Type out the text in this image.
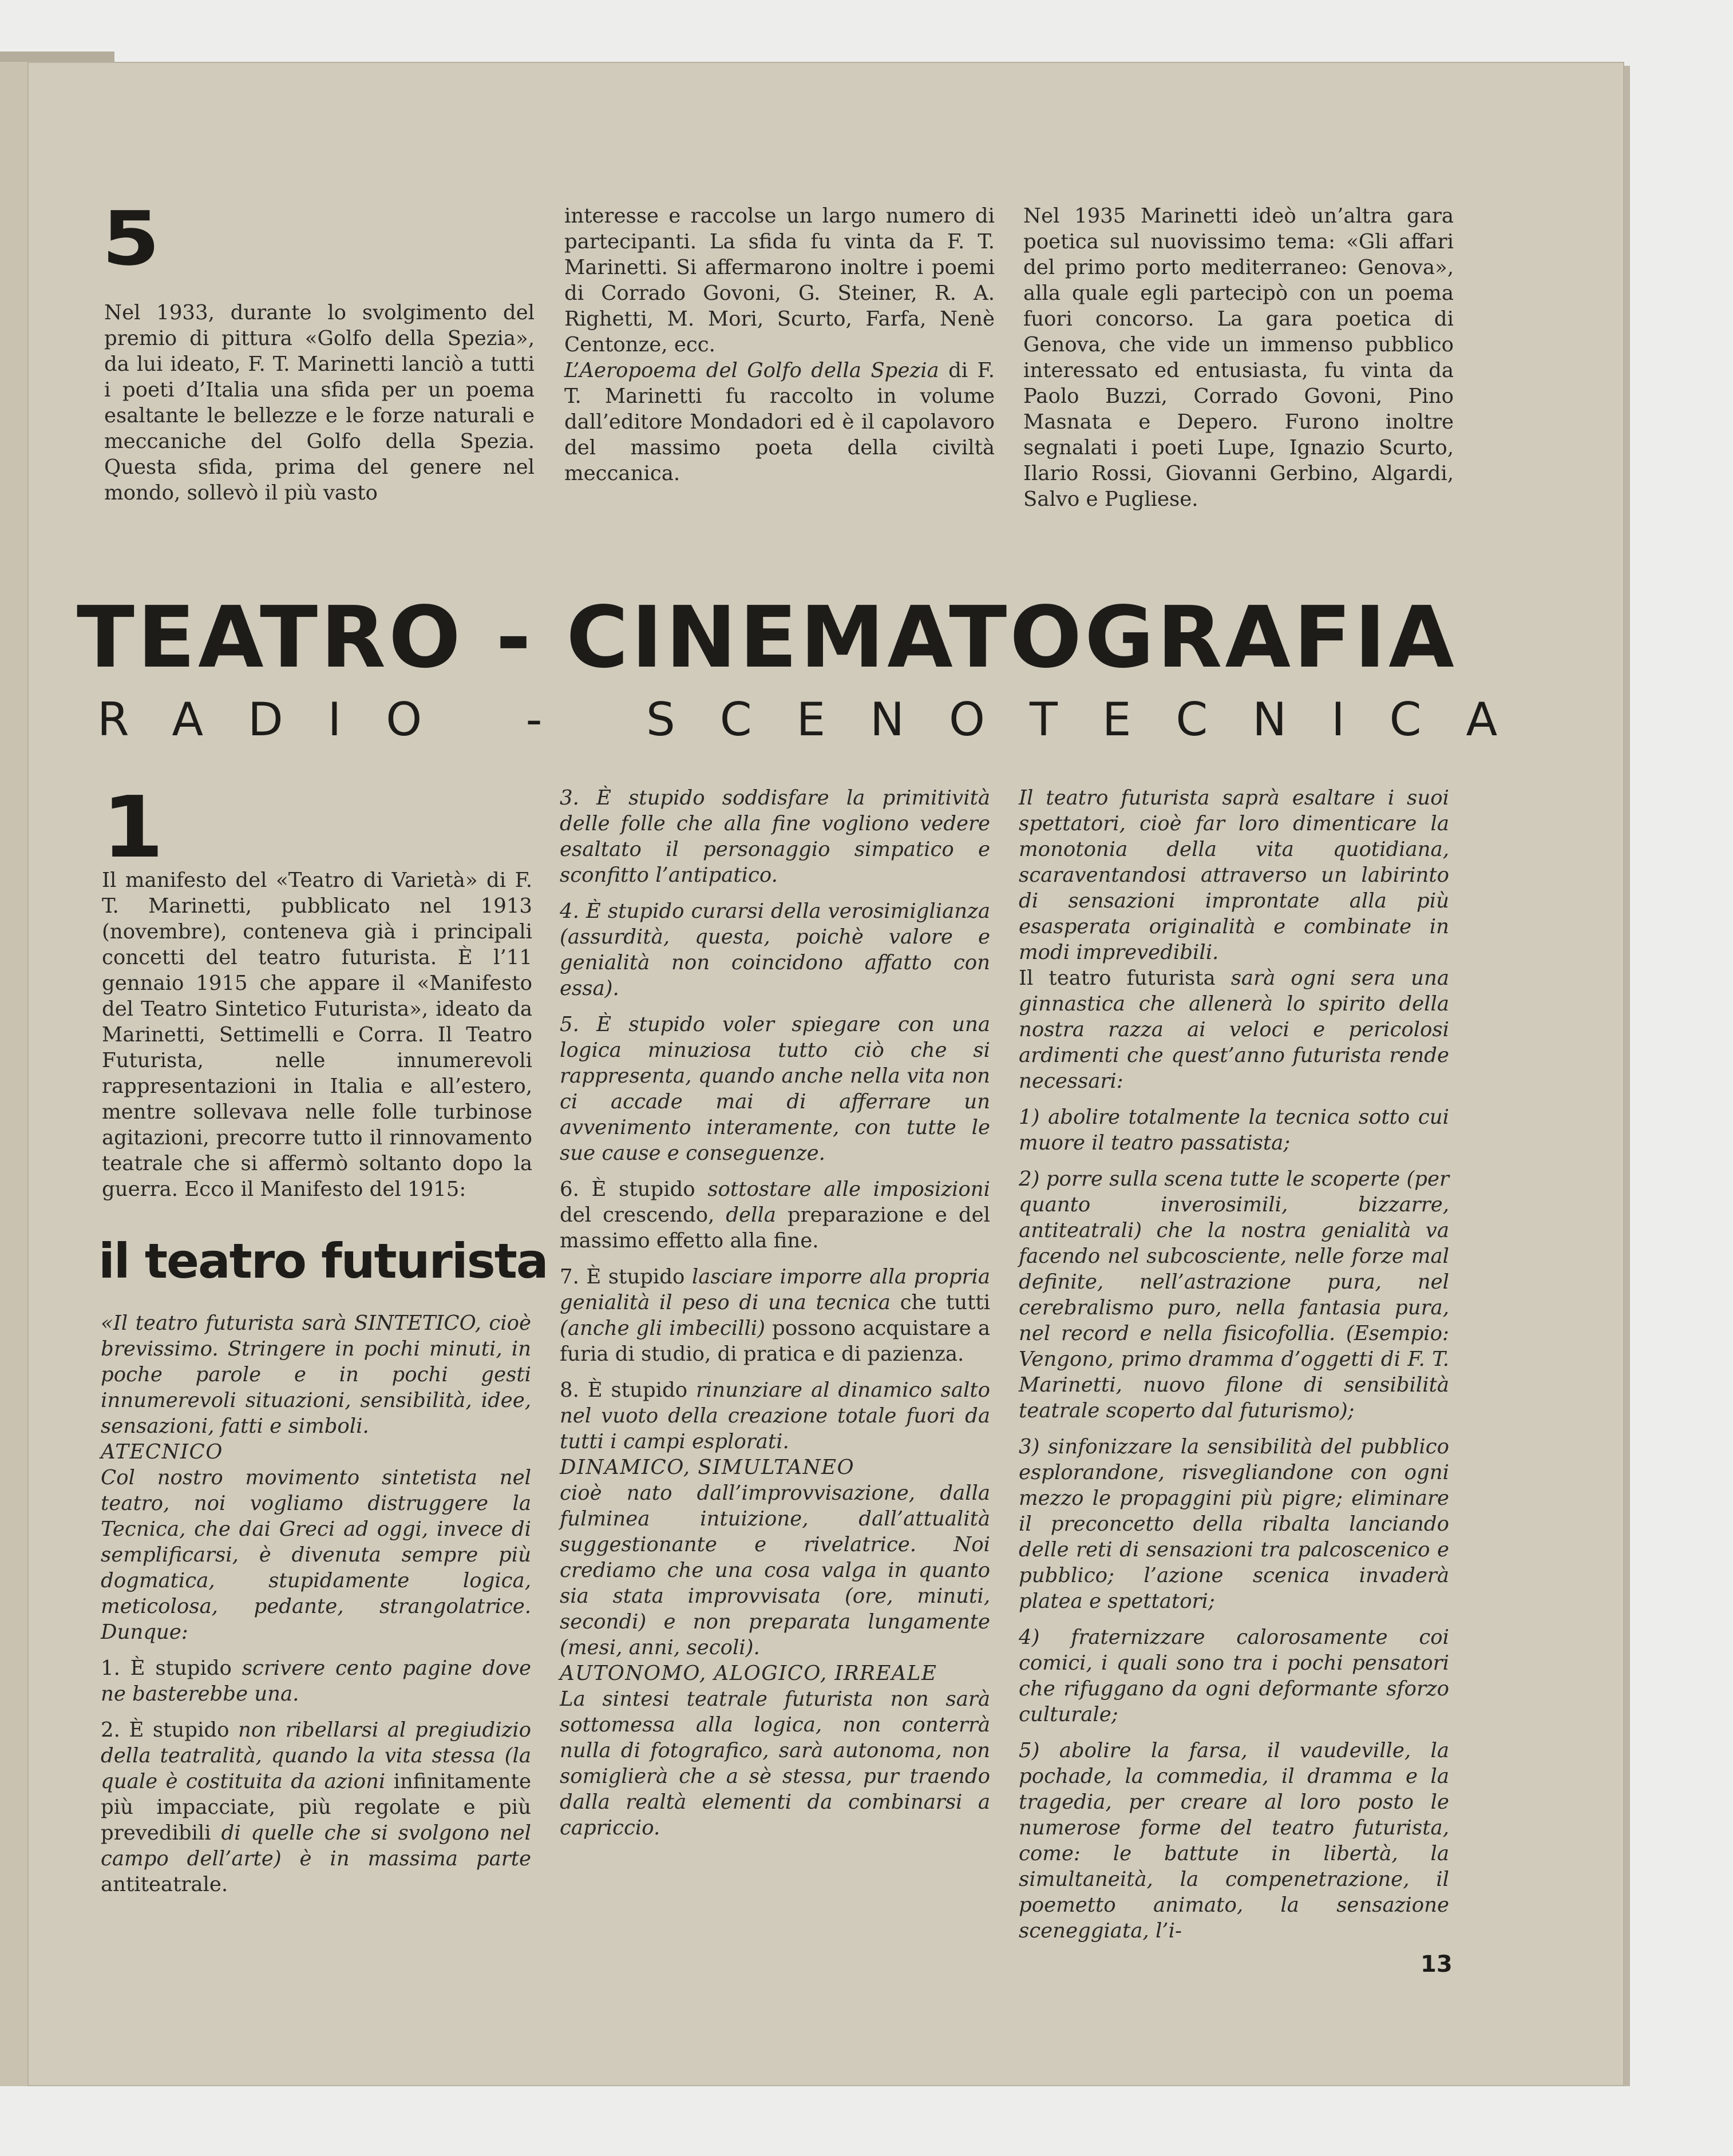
5

Nel 1933, durante lo svolgimento del premio di pittura «Golfo della Spezia», da lui ideato, F. T. Marinetti lanciò a tutti i poeti d’Italia una sfida per un poema esaltante le bellezze e le forze naturali e meccaniche del Golfo della Spezia. Questa sfida, prima del genere nel mondo, sollevò il più vasto

interesse e raccolse un largo numero di partecipanti. La sfida fu vinta da F. T. Marinetti. Si affermarono inoltre i poemi di Corrado Govoni, G. Steiner, R. A. Righetti, M. Mori, Scurto, Farfa, Nenè Centonze, ecc.

L’Aeropoema del Golfo della Spezia di F. T. Marinetti fu raccolto in volume dall’editore Mondadori ed è il capolavoro del massimo poeta della civiltà meccanica.

Nel 1935 Marinetti ideò un’altra gara poetica sul nuovissimo tema: «Gli affari del primo porto mediterraneo: Genova», alla quale egli partecipò con un poema fuori concorso. La gara poetica di Genova, che vide un immenso pubblico interessato ed entusiasta, fu vinta da Paolo Buzzi, Corrado Govoni, Pino Masnata e Depero. Furono inoltre segnalati i poeti Lupe, Ignazio Scurto, Ilario Rossi, Giovanni Gerbino, Algardi, Salvo e Pugliese.

TEATRO - CINEMATOGRAFIA
RADIO - SCENOTECNICA
1

Il manifesto del «Teatro di Varietà» di F. T. Marinetti, pubblicato nel 1913 (novembre), conteneva già i principali concetti del teatro futurista. È l’11 gennaio 1915 che appare il «Manifesto del Teatro Sintetico Futurista», ideato da Marinetti, Settimelli e Corra. Il Teatro Futurista, nelle innumerevoli rappresentazioni in Italia e all’estero, mentre sollevava nelle folle turbinose agitazioni, precorre tutto il rinnovamento teatrale che si affermò soltanto dopo la guerra. Ecco il Manifesto del 1915:

il teatro futurista

«Il teatro futurista sarà SINTETICO, cioè brevissimo. Stringere in pochi minuti, in poche parole e in pochi gesti innumerevoli situazioni, sensibilità, idee, sensazioni, fatti e simboli.

ATECNICO

Col nostro movimento sintetista nel teatro, noi vogliamo distruggere la Tecnica, che dai Greci ad oggi, invece di semplificarsi, è divenuta sempre più dogmatica, stupidamente logica, meticolosa, pedante, strangolatrice. Dunque:

1. È stupido scrivere cento pagine dove ne basterebbe una.

2. È stupido non ribellarsi al pregiudizio della teatralità, quando la vita stessa (la quale è costituita da azioni infinitamente più impacciate, più regolate e più prevedibili di quelle che si svolgono nel campo dell’arte) è in massima parte antiteatrale.

3. È stupido soddisfare la primitività delle folle che alla fine vogliono vedere esaltato il personaggio simpatico e sconfitto l’antipatico.

4. È stupido curarsi della verosimiglianza (assurdità, questa, poichè valore e genialità non coincidono affatto con essa).

5. È stupido voler spiegare con una logica minuziosa tutto ciò che si rappresenta, quando anche nella vita non ci accade mai di afferrare un avvenimento interamente, con tutte le sue cause e conseguenze.

6. È stupido sottostare alle imposizioni del crescendo, della preparazione e del massimo effetto alla fine.

7. È stupido lasciare imporre alla propria genialità il peso di una tecnica che tutti (anche gli imbecilli) possono acquistare a furia di studio, di pratica e di pazienza.

8. È stupido rinunziare al dinamico salto nel vuoto della creazione totale fuori da tutti i campi esplorati.

DINAMICO, SIMULTANEO

cioè nato dall’improvvisazione, dalla fulminea intuizione, dall’attualità suggestionante e rivelatrice. Noi crediamo che una cosa valga in quanto sia stata improvvisata (ore, minuti, secondi) e non preparata lungamente (mesi, anni, secoli).

AUTONOMO, ALOGICO, IRREALE

La sintesi teatrale futurista non sarà sottomessa alla logica, non conterrà nulla di fotografico, sarà autonoma, non somiglierà che a sè stessa, pur traendo dalla realtà elementi da combinarsi a capriccio.

Il teatro futurista saprà esaltare i suoi spettatori, cioè far loro dimenticare la monotonia della vita quotidiana, scaraventandosi attraverso un labirinto di sensazioni improntate alla più esasperata originalità e combinate in modi imprevedibili.

Il teatro futurista sarà ogni sera una ginnastica che allenerà lo spirito della nostra razza ai veloci e pericolosi ardimenti che quest’anno futurista rende necessari:

1) abolire totalmente la tecnica sotto cui muore il teatro passatista;

2) porre sulla scena tutte le scoperte (per quanto inverosimili, bizzarre, antiteatrali) che la nostra genialità va facendo nel subcosciente, nelle forze mal definite, nell’astrazione pura, nel cerebralismo puro, nella fantasia pura, nel record e nella fisicofollia. (Esempio: Vengono, primo dramma d’oggetti di F. T. Marinetti, nuovo filone di sensibilità teatrale scoperto dal futurismo);

3) sinfonizzare la sensibilità del pubblico esplorandone, risvegliandone con ogni mezzo le propaggini più pigre; eliminare il preconcetto della ribalta lanciando delle reti di sensazioni tra palcoscenico e pubblico; l’azione scenica invaderà platea e spettatori;

4) fraternizzare calorosamente coi comici, i quali sono tra i pochi pensatori che rifuggano da ogni deformante sforzo culturale;

5) abolire la farsa, il vaudeville, la pochade, la commedia, il dramma e la tragedia, per creare al loro posto le numerose forme del teatro futurista, come: le battute in libertà, la simultaneità, la compenetrazione, il poemetto animato, la sensazione sceneggiata, l’i-

13
